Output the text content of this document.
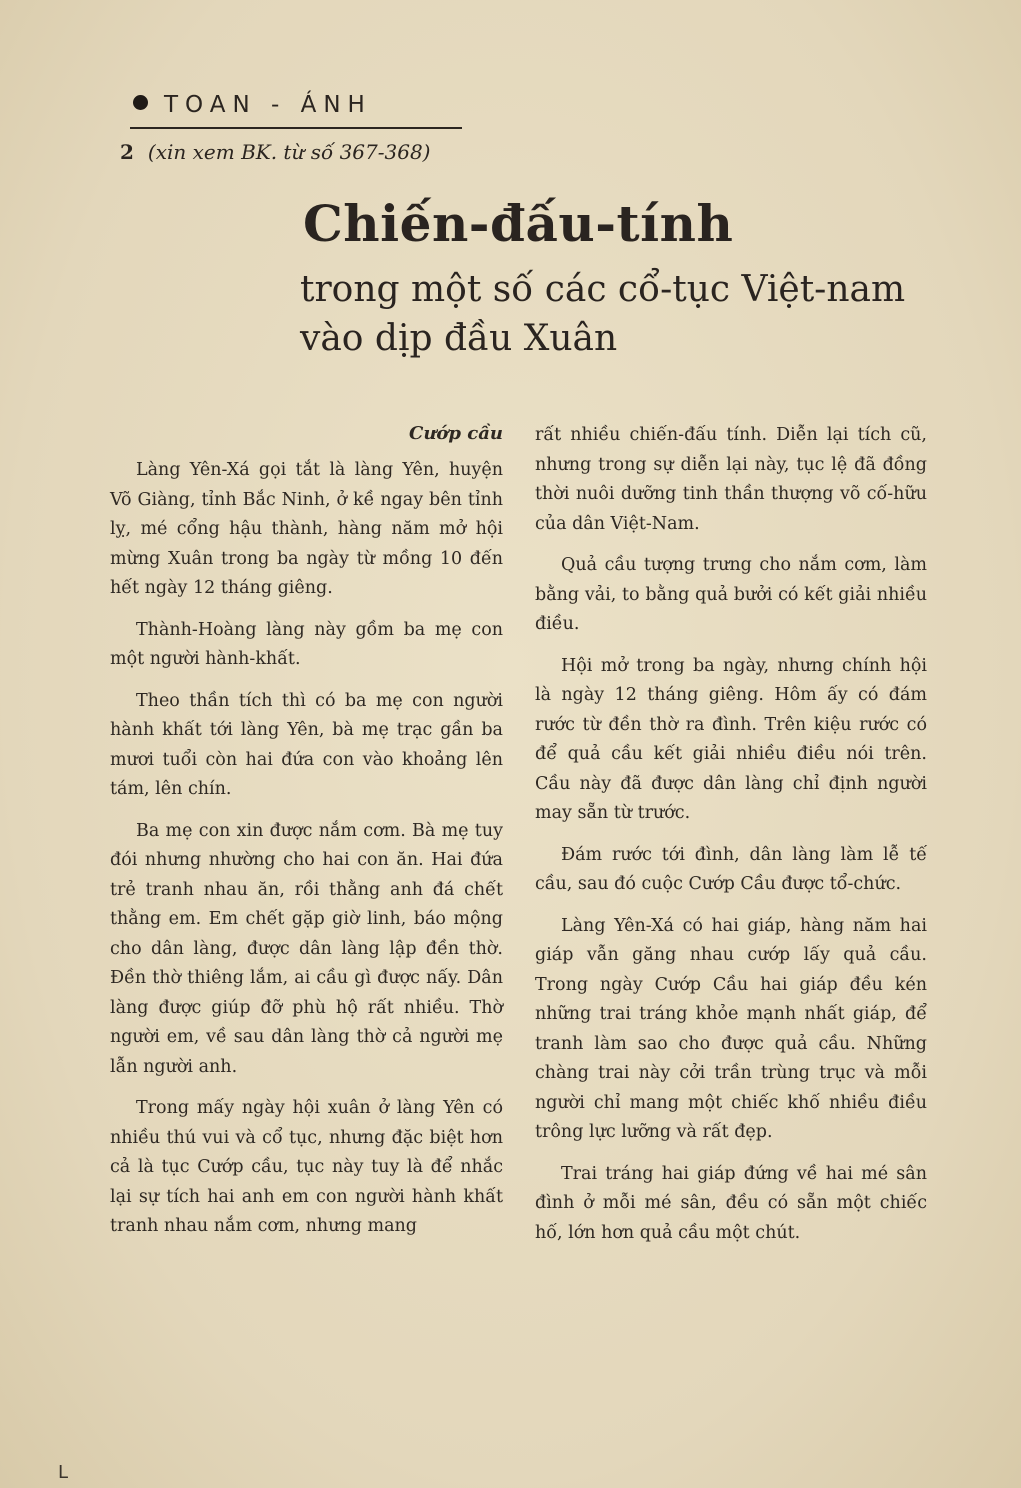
TOAN - ÁNH
2 (xin xem BK. từ số 367-368)
Chiến-đấu-tính
trong một số các cổ-tục Việt-nam vào dịp đầu Xuân
Cướp cầu

Làng Yên-Xá gọi tắt là làng Yên, huyện Võ Giàng, tỉnh Bắc Ninh, ở kề ngay bên tỉnh lỵ, mé cổng hậu thành, hàng năm mở hội mừng Xuân trong ba ngày từ mồng 10 đến hết ngày 12 tháng giêng.

Thành-Hoàng làng này gồm ba mẹ con một người hành-khất.

Theo thần tích thì có ba mẹ con người hành khất tới làng Yên, bà mẹ trạc gần ba mươi tuổi còn hai đứa con vào khoảng lên tám, lên chín.

Ba mẹ con xin được nắm cơm. Bà mẹ tuy đói nhưng nhường cho hai con ăn. Hai đứa trẻ tranh nhau ăn, rồi thằng anh đá chết thằng em. Em chết gặp giờ linh, báo mộng cho dân làng, được dân làng lập đền thờ. Đền thờ thiêng lắm, ai cầu gì được nấy. Dân làng được giúp đỡ phù hộ rất nhiều. Thờ người em, về sau dân làng thờ cả người mẹ lẫn người anh.

Trong mấy ngày hội xuân ở làng Yên có nhiều thú vui và cổ tục, nhưng đặc biệt hơn cả là tục Cướp cầu, tục này tuy là để nhắc lại sự tích hai anh em con người hành khất tranh nhau nắm cơm, nhưng mang

rất nhiều chiến-đấu tính. Diễn lại tích cũ, nhưng trong sự diễn lại này, tục lệ đã đồng thời nuôi dưỡng tinh thần thượng võ cố-hữu của dân Việt-Nam.

Quả cầu tượng trưng cho nắm cơm, làm bằng vải, to bằng quả bưởi có kết giải nhiều điều.

Hội mở trong ba ngày, nhưng chính hội là ngày 12 tháng giêng. Hôm ấy có đám rước từ đền thờ ra đình. Trên kiệu rước có để quả cầu kết giải nhiều điều nói trên. Cầu này đã được dân làng chỉ định người may sẵn từ trước.

Đám rước tới đình, dân làng làm lễ tế cầu, sau đó cuộc Cướp Cầu được tổ-chức.

Làng Yên-Xá có hai giáp, hàng năm hai giáp vẫn găng nhau cướp lấy quả cầu. Trong ngày Cướp Cầu hai giáp đều kén những trai tráng khỏe mạnh nhất giáp, để tranh làm sao cho được quả cầu. Những chàng trai này cởi trần trùng trục và mỗi người chỉ mang một chiếc khố nhiều điều trông lực lưỡng và rất đẹp.

Trai tráng hai giáp đứng về hai mé sân đình ở mỗi mé sân, đều có sẵn một chiếc hố, lớn hơn quả cầu một chút.

L
